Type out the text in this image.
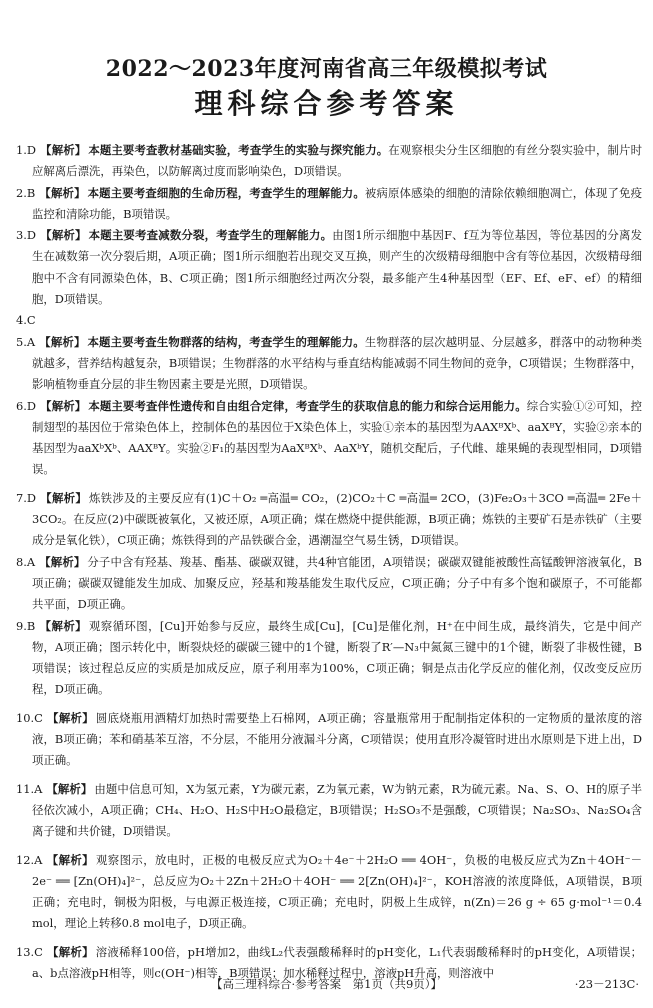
2022～2023年度河南省高三年级模拟考试
理科综合参考答案
1.D 【解析】 本题主要考查教材基础实验，考查学生的实验与探究能力。在观察根尖分生区细胞的有丝分裂实验中，制片时应解离后漂洗，再染色，以防解离过度而影响染色，D项错误。
2.B 【解析】 本题主要考查细胞的生命历程，考查学生的理解能力。被病原体感染的细胞的清除依赖细胞凋亡，体现了免疫监控和清除功能，B项错误。
3.D 【解析】 本题主要考查减数分裂，考查学生的理解能力。由图1所示细胞中基因F、f互为等位基因，等位基因的分离发生在减数第一次分裂后期，A项正确；图1所示细胞若出现交叉互换，则产生的次级精母细胞中含有等位基因，次级精母细胞中不含有同源染色体，B、C项正确；图1所示细胞经过两次分裂，最多能产生4种基因型（EF、Ef、eF、ef）的精细胞，D项错误。
4.C
5.A 【解析】 本题主要考查生物群落的结构，考查学生的理解能力。生物群落的层次越明显、分层越多，群落中的动物种类就越多，营养结构越复杂，B项错误；生物群落的水平结构与垂直结构能减弱不同生物间的竞争，C项错误；生物群落中，影响植物垂直分层的非生物因素主要是光照，D项错误。
6.D 【解析】 本题主要考查伴性遗传和自由组合定律，考查学生的获取信息的能力和综合运用能力。综合实验①②可知，控制翅型的基因位于常染色体上，控制体色的基因位于X染色体上，实验①亲本的基因型为AAXᴮXᵇ、aaXᴮY，实验②亲本的基因型为aaXᵇXᵇ、AAXᴮY。实验②F₁的基因型为AaXᴮXᵇ、AaXᵇY，随机交配后，子代雌、雄果蝇的表现型相同，D项错误。
7.D 【解析】 炼铁涉及的主要反应有(1)C＋O₂ ═高温═ CO₂，(2)CO₂＋C ═高温═ 2CO，(3)Fe₂O₃＋3CO ═高温═ 2Fe＋3CO₂。在反应(2)中碳既被氧化，又被还原，A项正确；煤在燃烧中提供能源，B项正确；炼铁的主要矿石是赤铁矿（主要成分是氧化铁），C项正确；炼铁得到的产品铁碳合金，遇潮湿空气易生锈，D项错误。
8.A 【解析】 分子中含有羟基、羧基、酯基、碳碳双键，共4种官能团，A项错误；碳碳双键能被酸性高锰酸钾溶液氧化，B项正确；碳碳双键能发生加成、加聚反应，羟基和羧基能发生取代反应，C项正确；分子中有多个饱和碳原子，不可能都共平面，D项正确。
9.B 【解析】 观察循环图，[Cu]开始参与反应，最终生成[Cu]，[Cu]是催化剂，H⁺在中间生成，最终消失，它是中间产物，A项正确；图示转化中，断裂炔烃的碳碳三键中的1个键，断裂了R′—N₃中氮氮三键中的1个键，断裂了非极性键，B项错误；该过程总反应的实质是加成反应，原子利用率为100%，C项正确；铜是点击化学反应的催化剂，仅改变反应历程，D项正确。
10.C 【解析】 圆底烧瓶用酒精灯加热时需要垫上石棉网，A项正确；容量瓶常用于配制指定体积的一定物质的量浓度的溶液，B项正确；苯和硝基苯互溶，不分层，不能用分液漏斗分离，C项错误；使用直形冷凝管时进出水原则是下进上出，D项正确。
11.A 【解析】 由题中信息可知，X为氢元素，Y为碳元素，Z为氧元素，W为钠元素，R为硫元素。Na、S、O、H的原子半径依次减小，A项正确；CH₄、H₂O、H₂S中H₂O最稳定，B项错误；H₂SO₃不是强酸，C项错误；Na₂SO₃、Na₂SO₄含离子键和共价键，D项错误。
12.A 【解析】 观察图示，放电时，正极的电极反应式为O₂＋4e⁻＋2H₂O ══ 4OH⁻，负极的电极反应式为Zn＋4OH⁻－2e⁻ ══ [Zn(OH)₄]²⁻，总反应为O₂＋2Zn＋2H₂O＋4OH⁻ ══ 2[Zn(OH)₄]²⁻，KOH溶液的浓度降低，A项错误，B项正确；充电时，铜极为阳极，与电源正极连接，C项正确；充电时，阴极上生成锌，n(Zn)＝26 g ÷ 65 g·mol⁻¹＝0.4 mol，理论上转移0.8 mol电子，D项正确。
13.C 【解析】 溶液稀释100倍，pH增加2，曲线L₂代表强酸稀释时的pH变化，L₁代表弱酸稀释时的pH变化，A项错误；a、b点溶液pH相等，则c(OH⁻)相等，B项错误；加水稀释过程中，溶液pH升高，则溶液中
【高三理科综合·参考答案　第1页（共9页）】	·23－213C·
